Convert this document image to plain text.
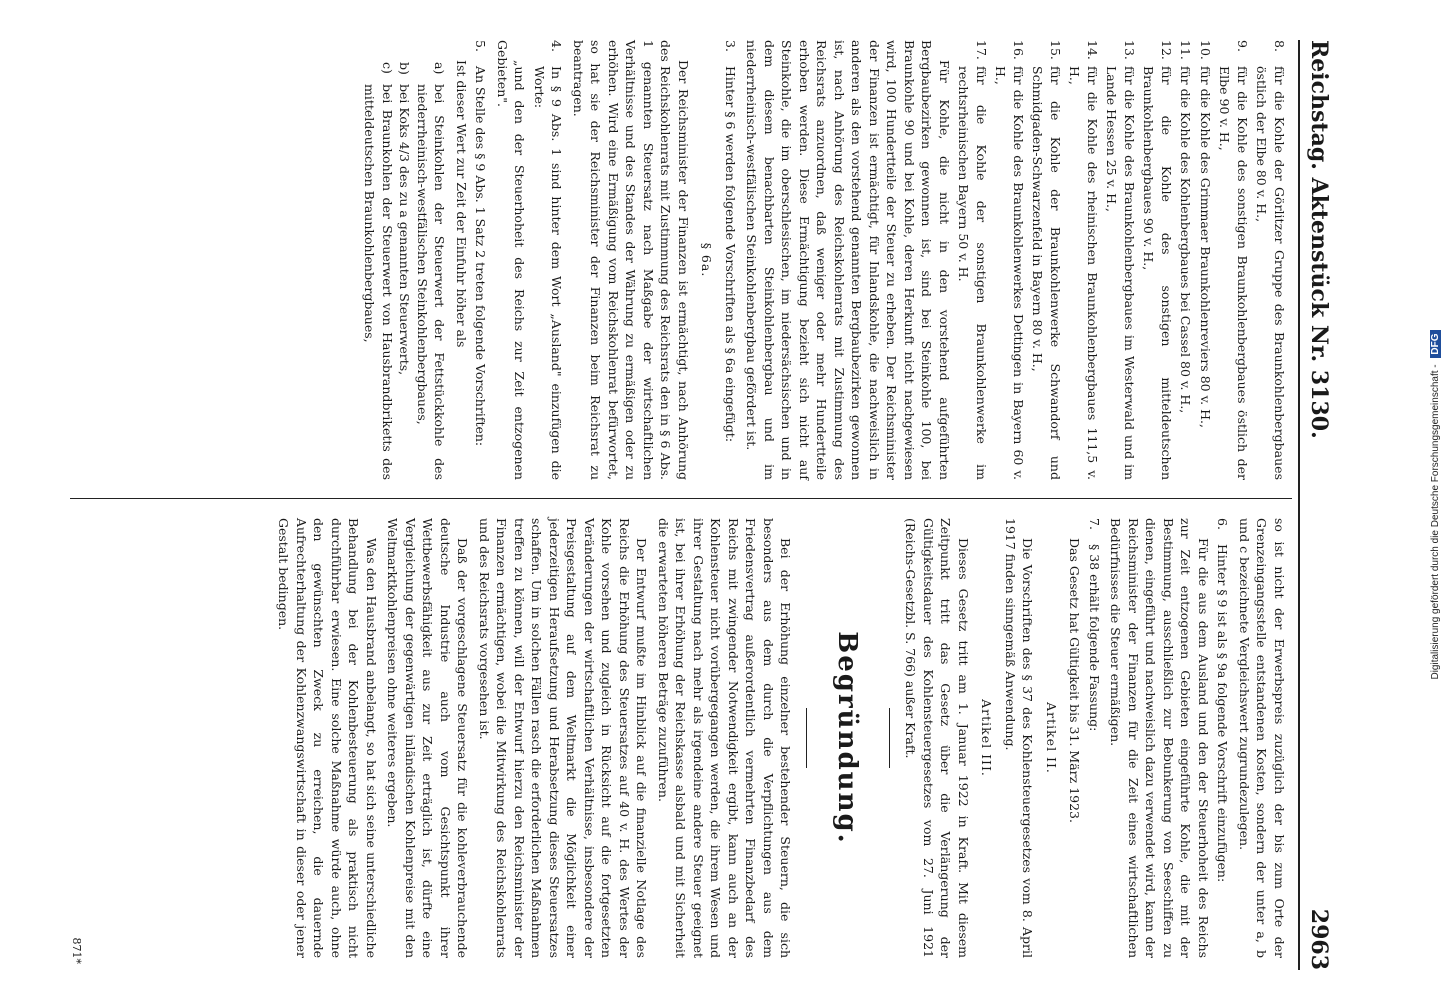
Reichstag. Aktenstück Nr. 3130.
2963
8.
für die Kohle der Görlitzer Gruppe des Braunkohlenbergbaues östlich der Elbe 80 v. H.,
9.
für die Kohle des sonstigen Braunkohlenbergbaues östlich der Elbe 90 v. H.,
10.
für die Kohle des Grimmaer Braunkohlenreviers 80 v. H.,
11.
für die Kohle des Kohlenbergbaues bei Cassel 80 v. H.,
12.
für die Kohle des sonstigen mitteldeutschen Braunkohlenbergbaues 90 v. H.,
13.
für die Kohle des Braunkohlenbergbaues im Westerwald und im Lande Hessen 25 v. H.,
14.
für die Kohle des rheinischen Braunkohlenbergbaues 111,5 v. H.,
15.
für die Kohle der Braunkohlenwerke Schwandorf und Schmidgaden-Schwarzenfeld in Bayern 80 v. H.,
16.
für die Kohle des Braunkohlenwerkes Dettingen in Bayern 60 v. H.,
17.
für die Kohle der sonstigen Braunkohlenwerke im rechtsrheinischen Bayern 50 v. H.

Für Kohle, die nicht in den vorstehend aufgeführten Bergbaubezirken gewonnen ist, sind bei Steinkohle 100, bei Braunkohle 90 und bei Kohle, deren Herkunft nicht nachgewiesen wird, 100 Hundertteile der Steuer zu erheben. Der Reichsminister der Finanzen ist ermächtigt, für Inlandskohle, die nachweislich in anderen als den vorstehend genannten Bergbaubezirken gewonnen ist, nach Anhörung des Reichskohlenrats mit Zustimmung des Reichsrats anzuordnen, daß weniger oder mehr Hundertteile erhoben werden. Diese Ermächtigung bezieht sich nicht auf Steinkohle, die im oberschlesischen, im niedersächsischen und in dem diesem benachbarten Steinkohlenbergbau und im niederrheinisch-westfälischen Steinkohlenbergbau gefördert ist.

3.
Hinter § 6 werden folgende Vorschriften als § 6a eingefügt:
§ 6a.

Der Reichsminister der Finanzen ist ermächtigt, nach Anhörung des Reichskohlenrats mit Zustimmung des Reichsrats den in § 6 Abs. 1 genannten Steuersatz nach Maßgabe der wirtschaftlichen Verhältnisse und des Standes der Währung zu ermäßigen oder zu erhöhen. Wird eine Ermäßigung vom Reichskohlenrat befürwortet, so hat sie der Reichsminister der Finanzen beim Reichsrat zu beantragen.

4.
In § 9 Abs. 1 sind hinter dem Wort „Ausland" einzufügen die Worte:

„und den der Steuerhoheit des Reichs zur Zeit entzogenen Gebieten".

5.
An Stelle des § 9 Abs. 1 Satz 2 treten folgende Vorschriften:

Ist dieser Wert zur Zeit der Einfuhr höher als

a)
bei Steinkohlen der Steuerwert der Fettstückkohle des niederrheinisch-westfälischen Steinkohlenbergbaues,
b)
bei Koks 4/3 des zu a genannten Steuerwerts,
c)
bei Braunkohlen der Steuerwert von Hausbrandbriketts des mitteldeutschen Braunkohlenbergbaues,

so ist nicht der Erwerbspreis zuzüglich der bis zum Orte der Grenzeingangsstelle entstandenen Kosten, sondern der unter a, b und c bezeichnete Vergleichswert zugrundezulegen.

6.
Hinter § 9 ist als § 9a folgende Vorschrift einzufügen:

Für die aus dem Ausland und den der Steuerhoheit des Reichs zur Zeit entzogenen Gebieten eingeführte Kohle, die mit der Bestimmung, ausschließlich zur Bebunkerung von Seeschiffen zu dienen, eingeführt und nachweislich dazu verwendet wird, kann der Reichsminister der Finanzen für die Zeit eines wirtschaftlichen Bedürfnisses die Steuer ermäßigen.

7.
§ 38 erhält folgende Fassung:

Das Gesetz hat Gültigkeit bis 31. März 1923.

Artikel II.

Die Vorschriften des § 37 des Kohlensteuergesetzes vom 8. April 1917 finden sinngemäß Anwendung.

Artikel III.

Dieses Gesetz tritt am 1. Januar 1922 in Kraft. Mit diesem Zeitpunkt tritt das Gesetz über die Verlängerung der Gültigkeitsdauer des Kohlensteuergesetzes vom 27. Juni 1921 (Reichs-Gesetzbl. S. 766) außer Kraft.

Begründung.

Bei der Erhöhung einzelner bestehender Steuern, die sich besonders aus dem durch die Verpflichtungen aus dem Friedensvertrag außerordentlich vermehrten Finanzbedarf des Reichs mit zwingender Notwendigkeit ergibt, kann auch an der Kohlensteuer nicht vorübergegangen werden, die ihrem Wesen und ihrer Gestaltung nach mehr als irgendeine andere Steuer geeignet ist, bei ihrer Erhöhung der Reichskasse alsbald und mit Sicherheit die erwarteten höheren Beträge zuzuführen.

Der Entwurf mußte im Hinblick auf die finanzielle Notlage des Reichs die Erhöhung des Steuersatzes auf 40 v. H. des Wertes der Kohle vorsehen und zugleich in Rücksicht auf die fortgesetzten Veränderungen der wirtschaftlichen Verhältnisse, insbesondere der Preisgestaltung auf dem Weltmarkt die Möglichkeit einer jederzeitigen Heraufsetzung und Herabsetzung dieses Steuersatzes schaffen. Um in solchen Fällen rasch die erforderlichen Maßnahmen treffen zu können, will der Entwurf hierzu den Reichsminister der Finanzen ermächtigen, wobei die Mitwirkung des Reichskohlenrats und des Reichsrats vorgesehen ist.

Daß der vorgeschlagene Steuersatz für die kohleverbrauchende deutsche Industrie auch vom Gesichtspunkt ihrer Wettbewerbsfähigkeit aus zur Zeit erträglich ist, dürfte eine Vergleichung der gegenwärtigen inländischen Kohlenpreise mit den Weltmarktkohlenpreisen ohne weiteres ergeben.

Was den Hausbrand anbelangt, so hat sich seine unterschiedliche Behandlung bei der Kohlenbesteuerung als praktisch nicht durchführbar erwiesen. Eine solche Maßnahme würde auch, ohne den gewünschten Zweck zu erreichen, die dauernde Aufrechterhaltung der Kohlenzwangswirtschaft in dieser oder jener Gestalt bedingen.

871*
Digitalisierung gefördert durch die Deutsche Forschungsgemeinschaft - DFG
